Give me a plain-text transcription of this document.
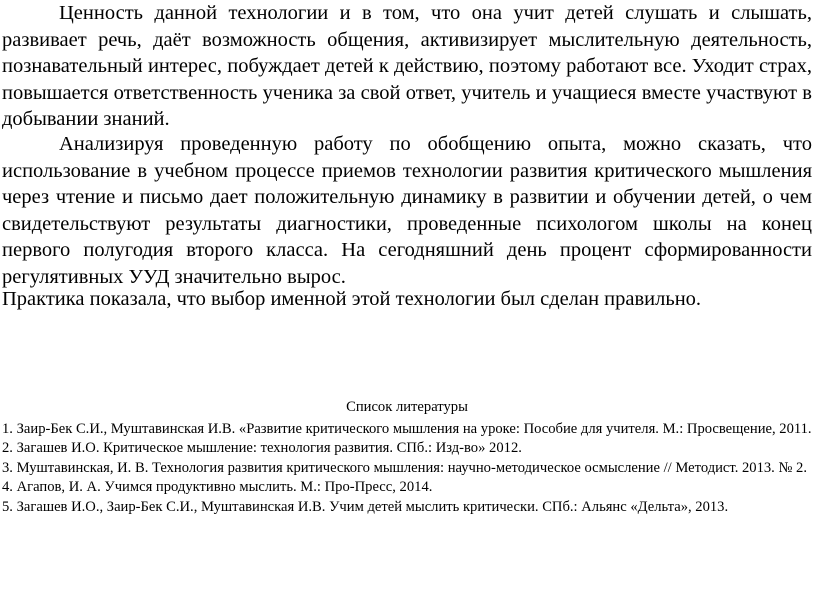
Ценность данной технологии и в том, что она учит детей слушать и слышать, развивает речь, даёт возможность общения, активизирует мыслительную деятельность, познавательный интерес, побуждает детей к действию, поэтому работают все. Уходит страх, повышается ответственность ученика за свой ответ, учитель и учащиеся вместе участвуют в добывании знаний.

Анализируя проведенную работу по обобщению опыта, можно сказать, что использование в учебном процессе приемов технологии развития критического мышления через чтение и письмо дает положительную динамику в развитии и обучении детей, о чем свидетельствуют результаты диагностики, проведенные психологом школы на конец первого полугодия второго класса. На сегодняшний день процент сформированности регулятивных УУД значительно вырос.

Практика показала, что выбор именной этой технологии был сделан правильно.

Список литературы

1. Заир-Бек С.И., Муштавинская И.В. «Развитие критического мышления на уроке: Пособие для учителя. М.: Просвещение, 2011.

2. Загашев И.О. Критическое мышление: технология развития. СПб.: Изд-во» 2012.

3. Муштавинская, И. В. Технология развития критического мышления: научно-методическое осмысление // Методист. 2013. № 2.

4. Агапов, И. А. Учимся продуктивно мыслить. М.: Про-Пресс, 2014.

5. Загашев И.О., Заир-Бек С.И., Муштавинская И.В. Учим детей мыслить критически. СПб.: Альянс «Дельта», 2013.
